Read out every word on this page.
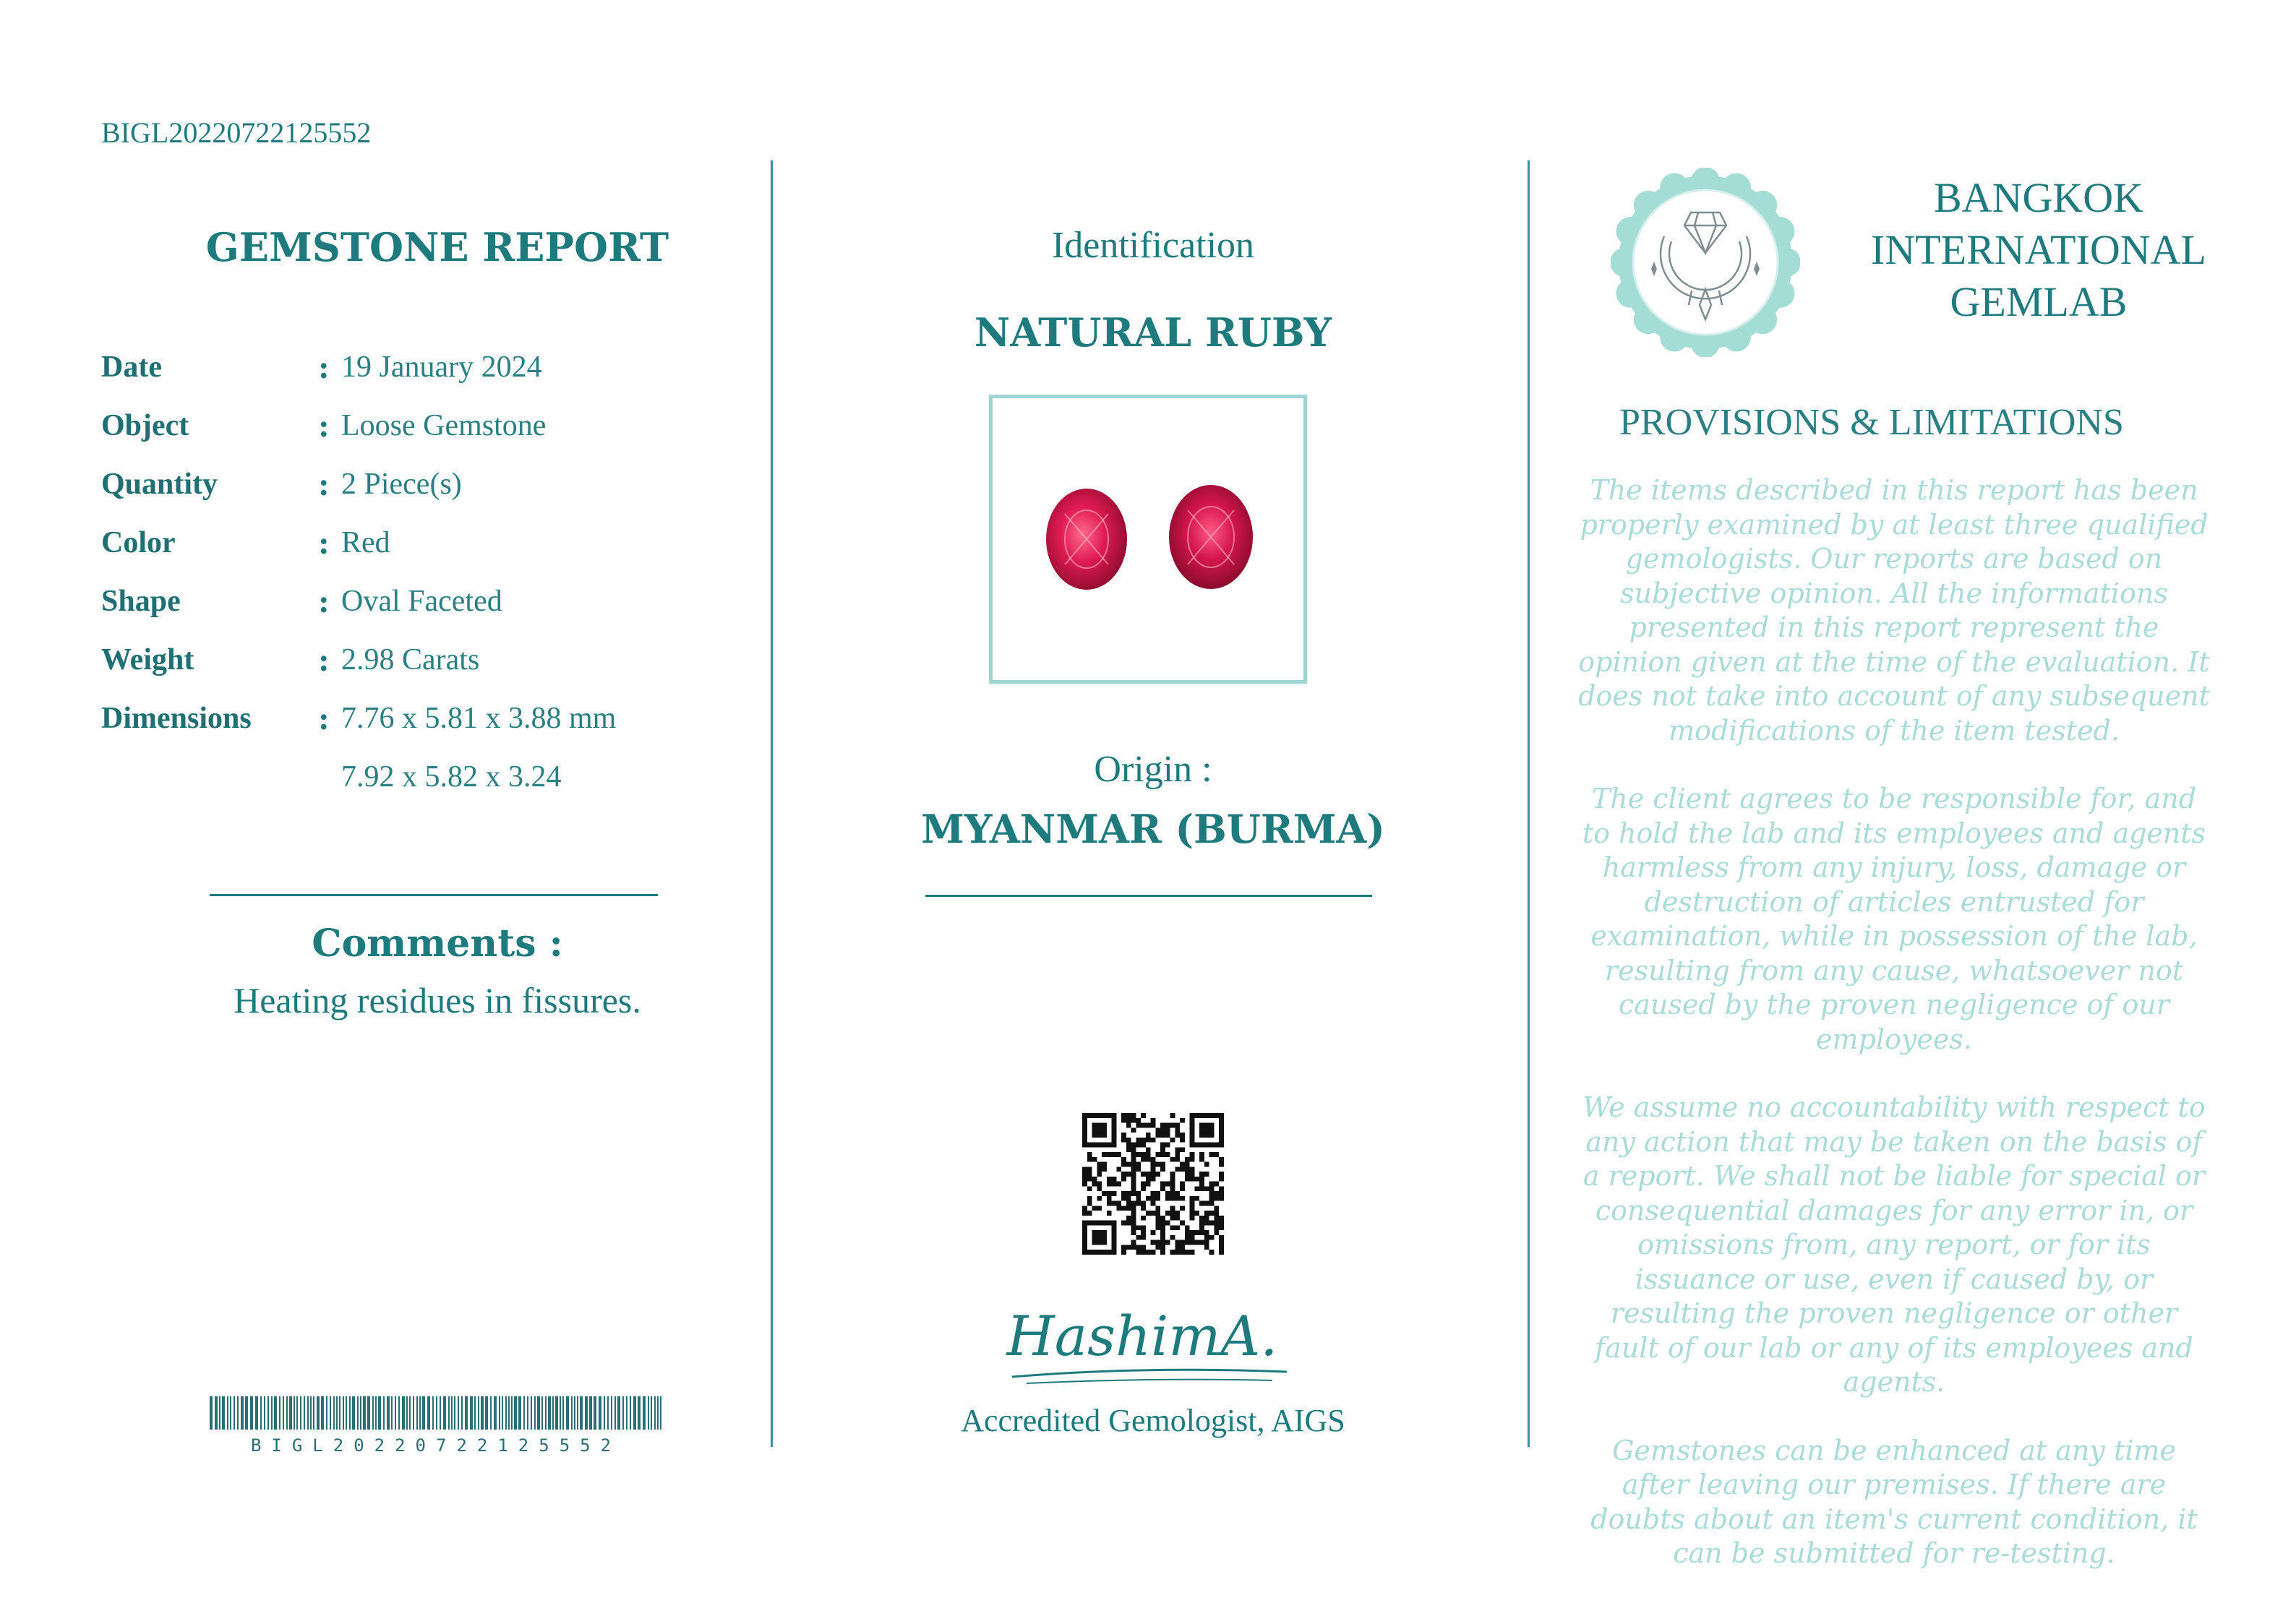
BIGL20220722125552
GEMSTONE REPORT
Date	: 19 January 2024
Object	: Loose Gemstone
Quantity	: 2 Piece(s)
Color	: Red
Shape	: Oval Faceted
Weight	: 2.98 Carats
Dimensions	: 7.76 x 5.81 x 3.88 mm
7.92 x 5.82 x 3.24
Comments :
Heating residues in fissures.
BIGL20220722125552
Identification
NATURAL RUBY
Origin :
MYANMAR (BURMA)
HashimA.
Accredited Gemologist, AIGS
BANGKOK
INTERNATIONAL
GEMLAB
PROVISIONS & LIMITATIONS

The items described in this report has been properly examined by at least three qualified gemologists. Our reports are based on subjective opinion. All the informations presented in this report represent the opinion given at the time of the evaluation. It does not take into account of any subsequent modifications of the item tested.

The client agrees to be responsible for, and to hold the lab and its employees and agents harmless from any injury, loss, damage or destruction of articles entrusted for examination, while in possession of the lab, resulting from any cause, whatsoever not caused by the proven negligence of our employees.

We assume no accountability with respect to any action that may be taken on the basis of a report. We shall not be liable for special or consequential damages for any error in, or omissions from, any report, or for its issuance or use, even if caused by, or resulting the proven negligence or other fault of our lab or any of its employees and agents.

Gemstones can be enhanced at any time after leaving our premises. If there are doubts about an item's current condition, it can be submitted for re-testing.
